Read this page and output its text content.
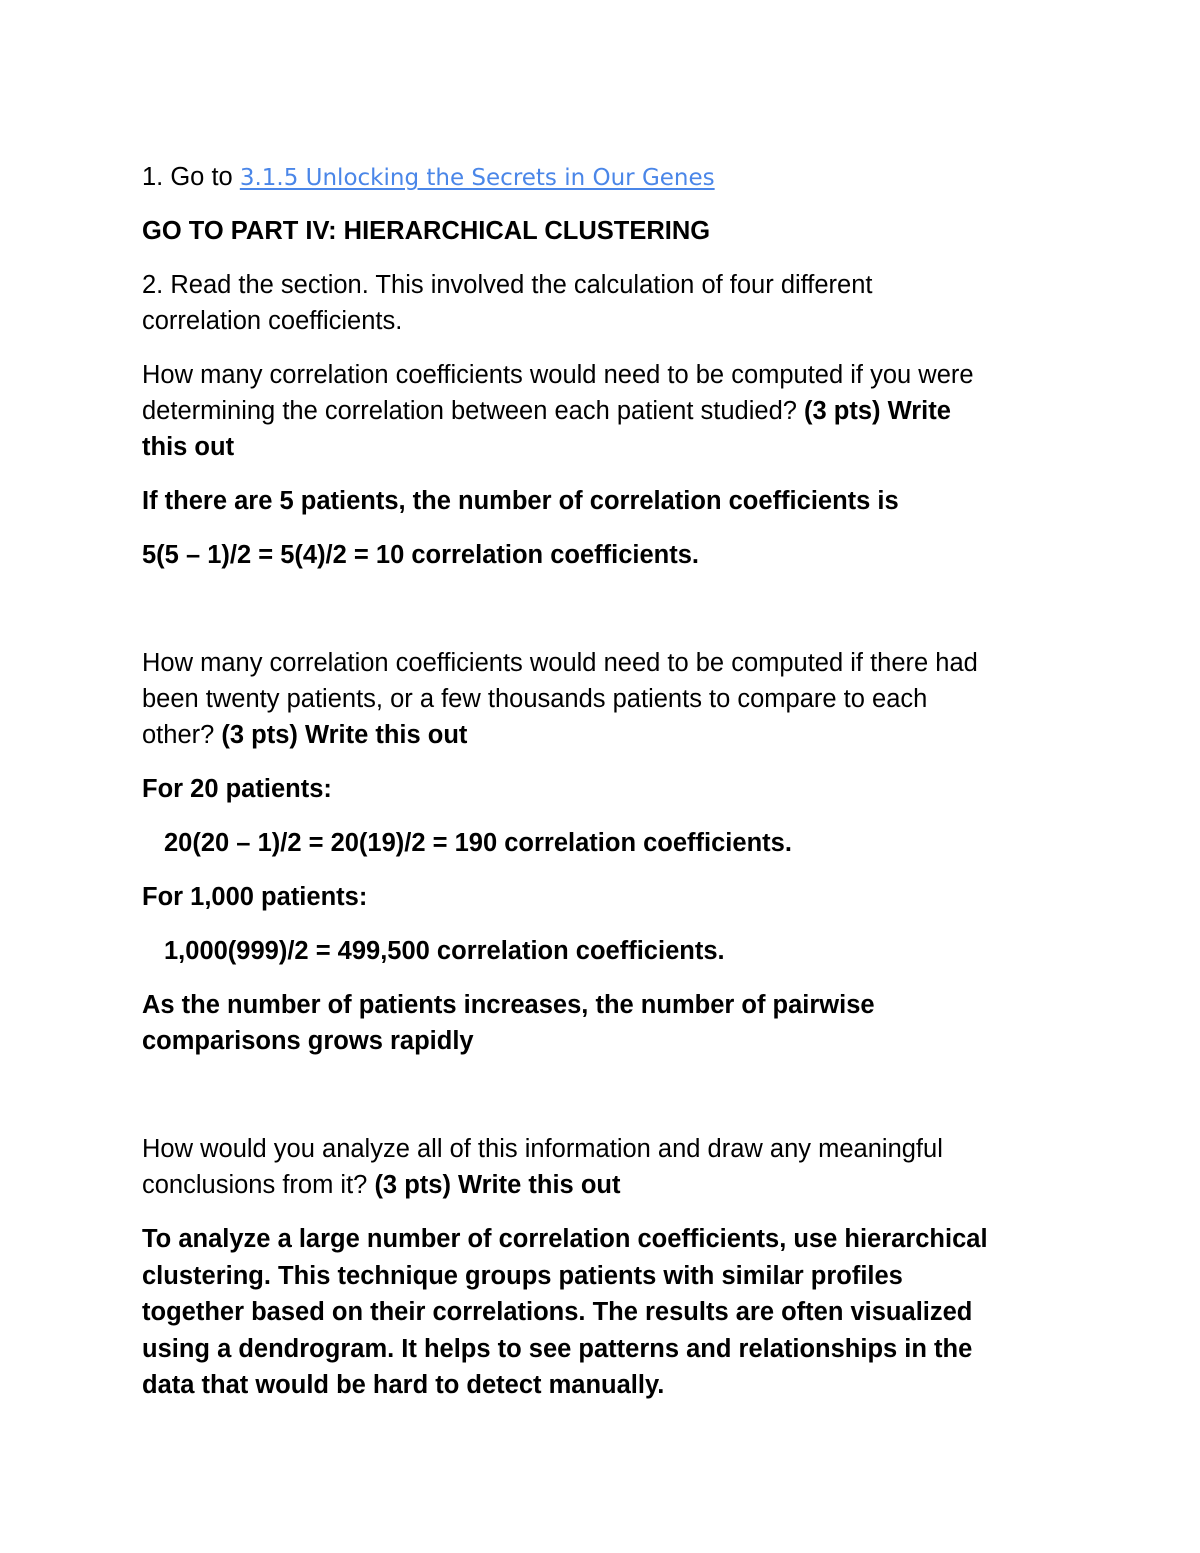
1. Go to 3.1.5 Unlocking the Secrets in Our Genes
GO TO PART IV: HIERARCHICAL CLUSTERING
2. Read the section. This involved the calculation of four different
correlation coefficients.
How many correlation coefficients would need to be computed if you were
determining the correlation between each patient studied? (3 pts) Write
this out
If there are 5 patients, the number of correlation coefficients is
5(5 – 1)/2 = 5(4)/2 = 10 correlation coefficients.
How many correlation coefficients would need to be computed if there had
been twenty patients, or a few thousands patients to compare to each
other? (3 pts) Write this out
For 20 patients:
20(20 – 1)/2 = 20(19)/2 = 190 correlation coefficients.
For 1,000 patients:
1,000(999)/2 = 499,500 correlation coefficients.
As the number of patients increases, the number of pairwise
comparisons grows rapidly
How would you analyze all of this information and draw any meaningful
conclusions from it? (3 pts) Write this out
To analyze a large number of correlation coefficients, use hierarchical
clustering. This technique groups patients with similar profiles
together based on their correlations. The results are often visualized
using a dendrogram. It helps to see patterns and relationships in the
data that would be hard to detect manually.
